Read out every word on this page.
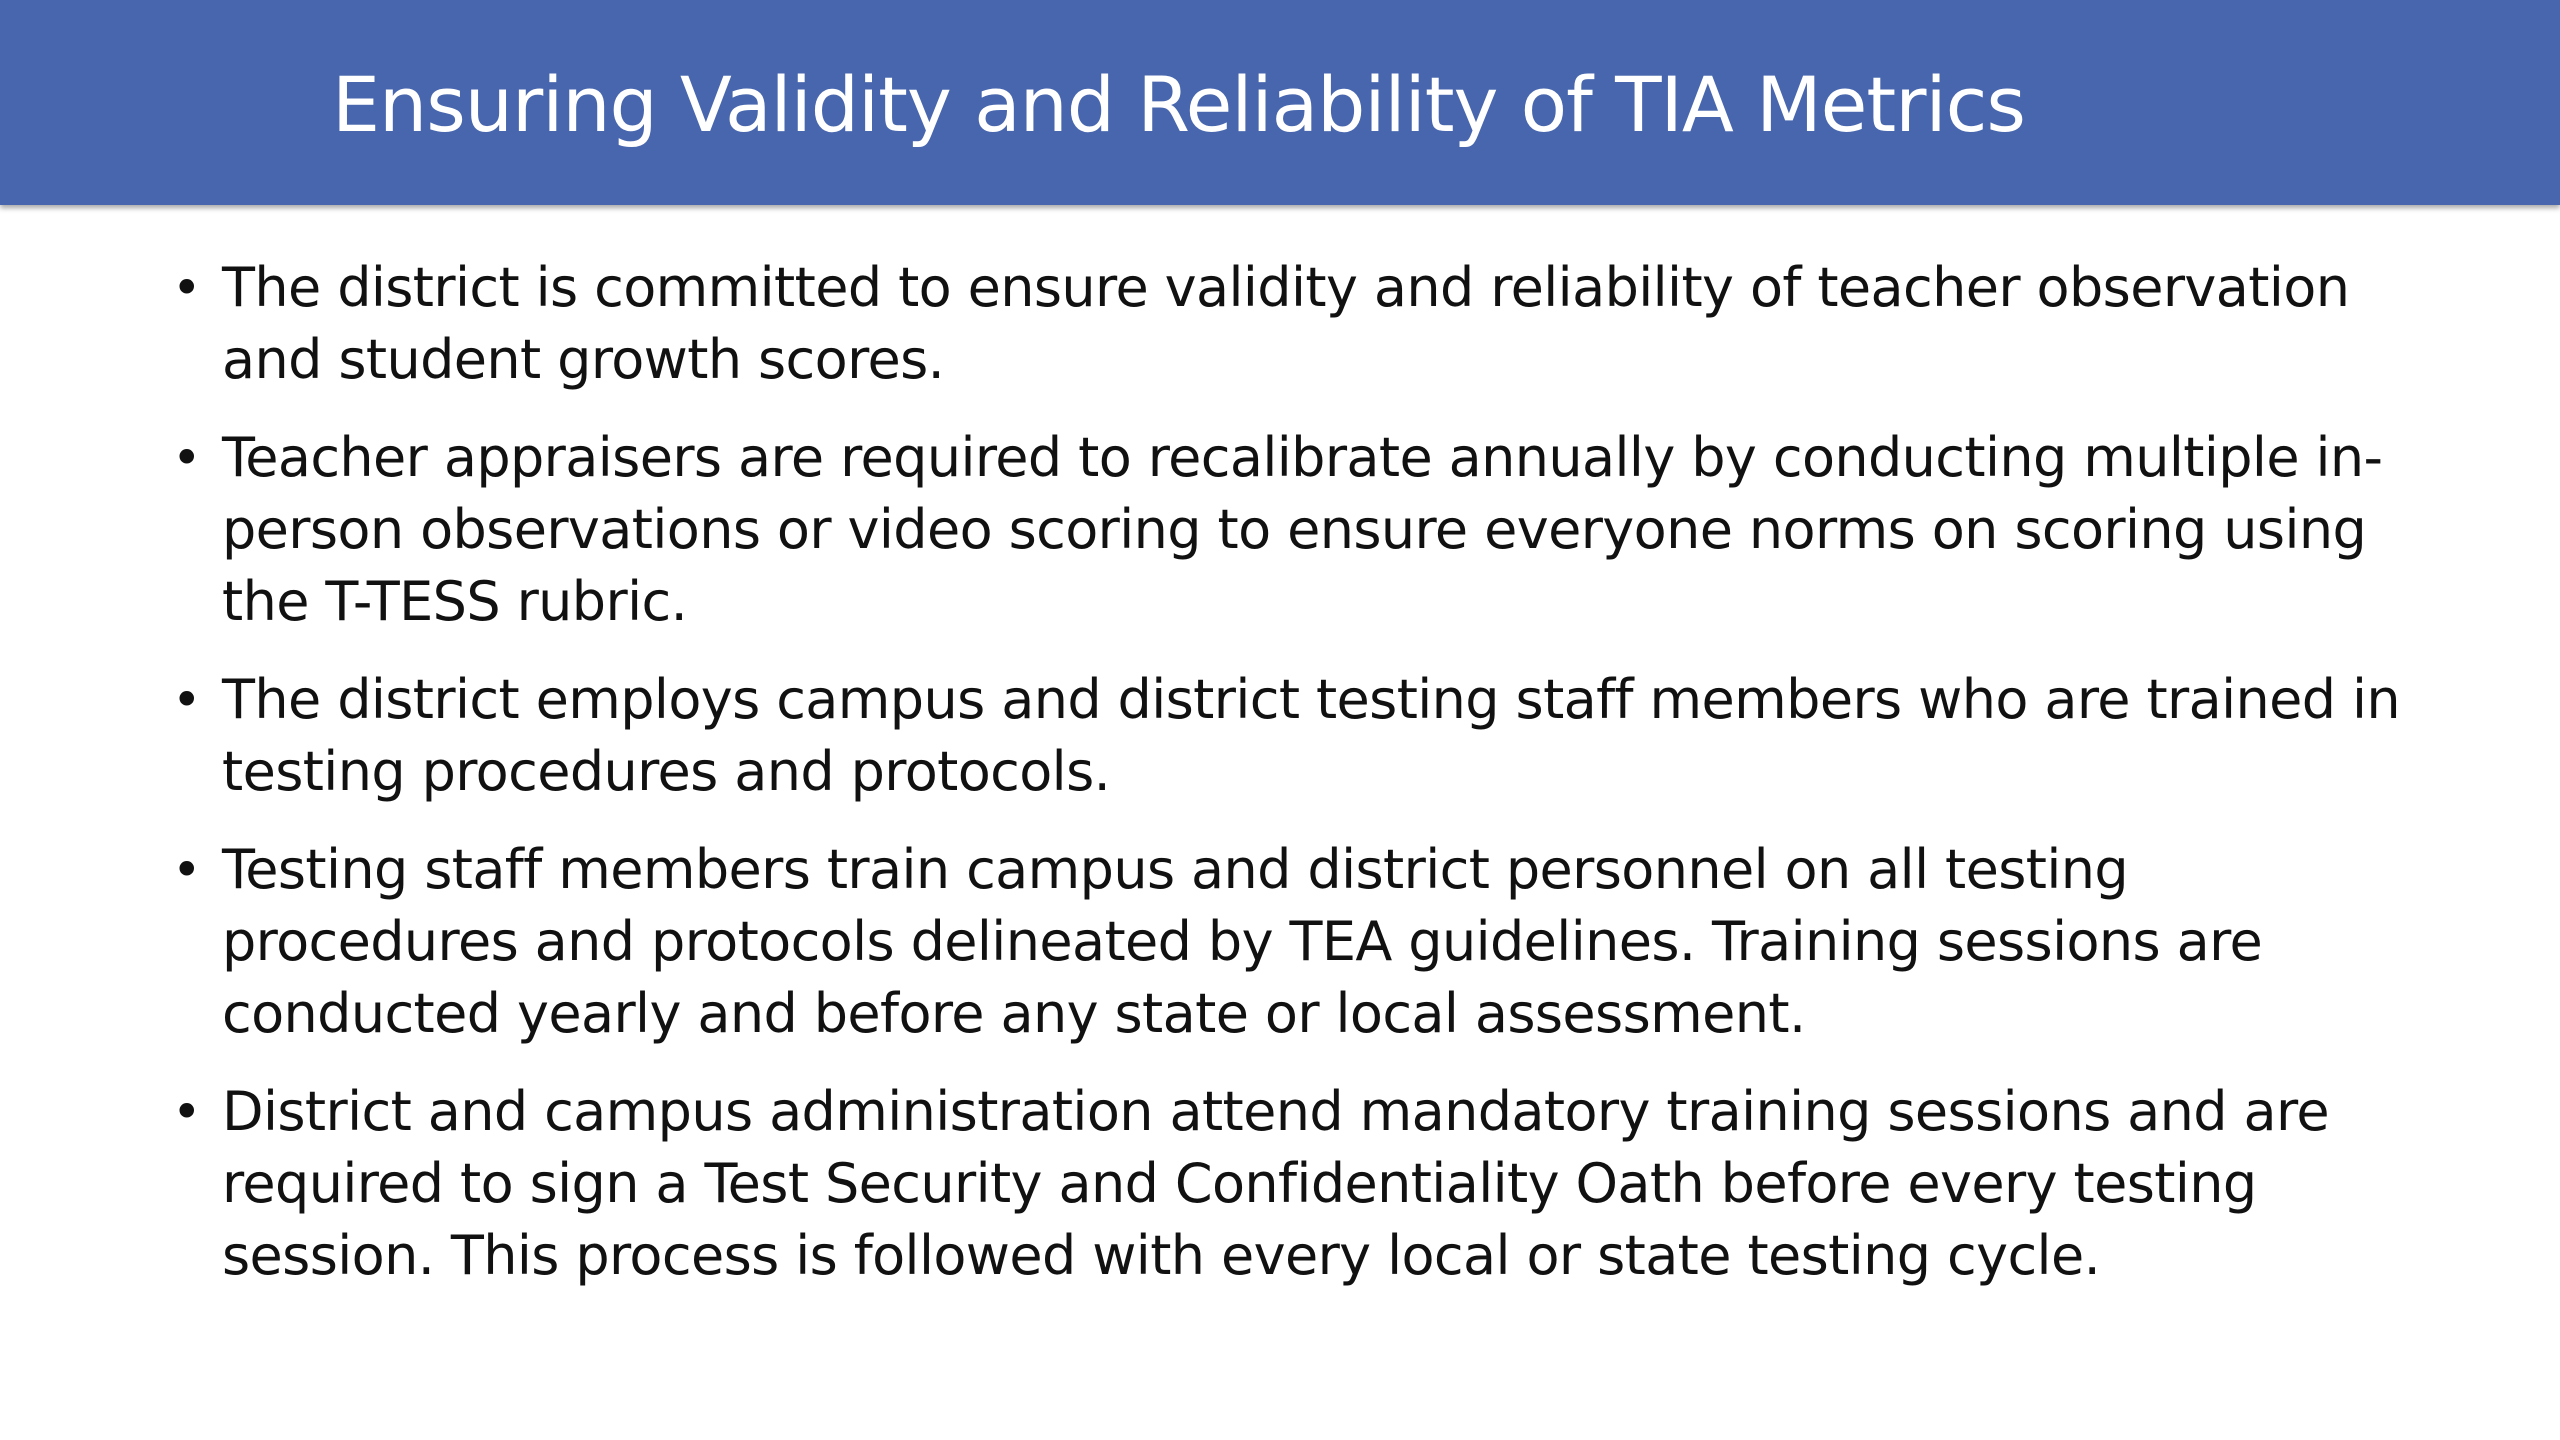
Ensuring Validity and Reliability of TIA Metrics
• The district is committed to ensure validity and reliability of teacher observation and student growth scores.
• Teacher appraisers are required to recalibrate annually by conducting multiple in-person observations or video scoring to ensure everyone norms on scoring using the T-TESS rubric.
• The district employs campus and district testing staff members who are trained in testing procedures and protocols.
• Testing staff members train campus and district personnel on all testing procedures and protocols delineated by TEA guidelines. Training sessions are conducted yearly and before any state or local assessment.
• District and campus administration attend mandatory training sessions and are required to sign a Test Security and Confidentiality Oath before every testing session. This process is followed with every local or state testing cycle.
